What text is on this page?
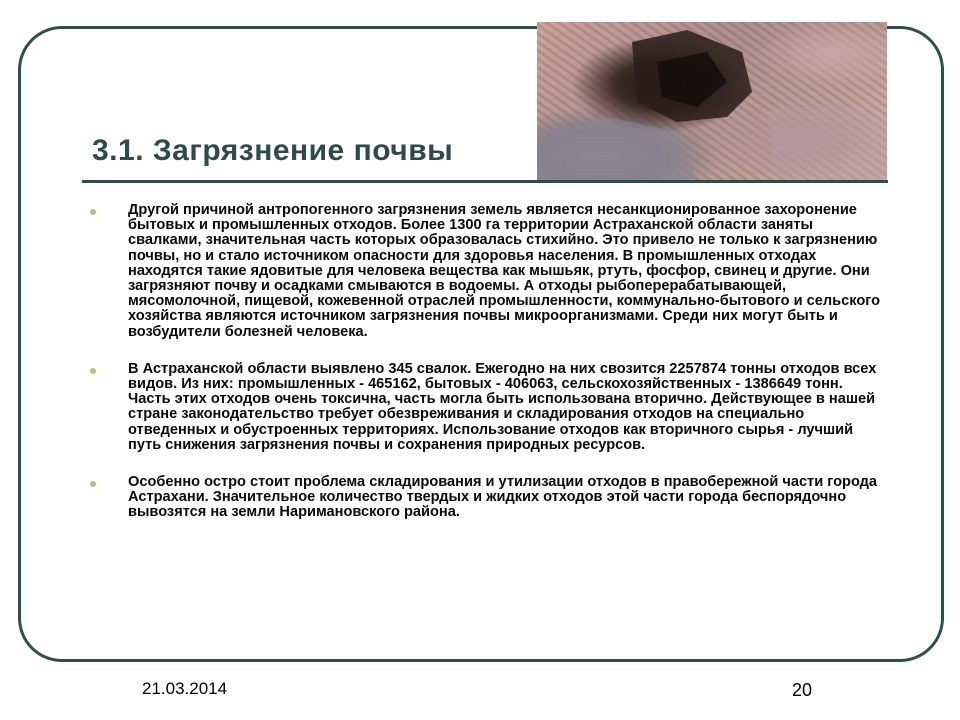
3.1. Загрязнение почвы
Другой причиной антропогенного загрязнения земель является несанкционированное захоронение бытовых и промышленных отходов. Более 1300 га территории Астраханской области заняты свалками, значительная часть которых образовалась стихийно. Это привело не только к загрязнению почвы, но и стало источником опасности для здоровья населения. В промышленных отходах находятся такие ядовитые для человека вещества как мышьяк, ртуть, фосфор, свинец и другие. Они загрязняют почву и осадками смываются в водоемы. А отходы рыбоперерабатывающей, мясомолочной, пищевой, кожевенной отраслей промышленности, коммунально-бытового и сельского хозяйства являются источником загрязнения почвы микроорганизмами. Среди них могут быть и возбудители болезней человека.
В Астраханской области выявлено 345 свалок. Ежегодно на них свозится 2257874 тонны отходов всех видов. Из них: промышленных - 465162, бытовых - 406063, сельскохозяйственных - 1386649 тонн. Часть этих отходов очень токсична, часть могла быть использована вторично. Действующее в нашей стране законодательство требует обезвреживания и складирования отходов на специально отведенных и обустроенных территориях. Использование отходов как вторичного сырья - лучший путь снижения загрязнения почвы и сохранения природных ресурсов.
Особенно остро стоит проблема складирования и утилизации отходов в правобережной части города Астрахани. Значительное количество твердых и жидких отходов этой части города беспорядочно вывозятся на земли Наримановского района.
21.03.2014	20
